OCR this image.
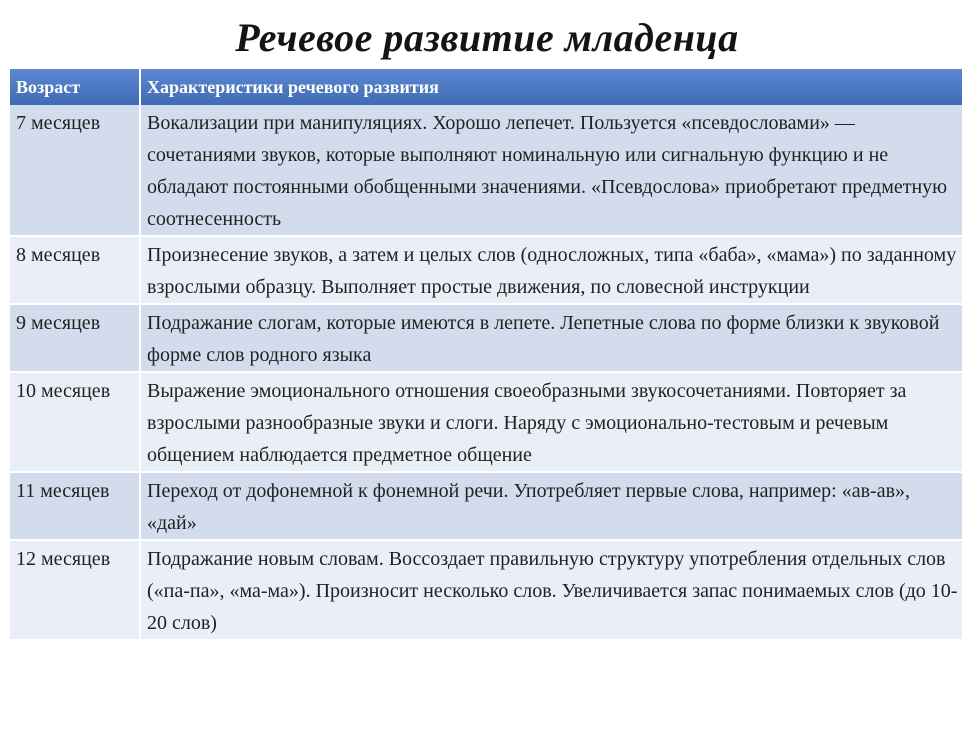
Речевое развитие младенца
Возраст	Характеристики речевого развития
7 месяцев	Вокализации при манипуляциях. Хорошо лепечет. Пользуется «псевдословами» — сочетаниями звуков, которые выполняют номинальную или сигнальную функцию и не обладают постоянными обобщенными значениями. «Псевдослова» приобретают предметную соотнесенность
8 месяцев	Произнесение звуков, а затем и целых слов (односложных, типа «баба», «мама») по заданному взрослыми образцу. Выполняет простые движения, по словесной инструкции
9 месяцев	Подражание слогам, которые имеются в лепете. Лепетные слова по форме близки к звуковой форме слов родного языка
10 месяцев	Выражение эмоционального отношения своеобразными звукосочетаниями. Повторяет за взрослыми разнообразные звуки и слоги. Наряду с эмоционально-тестовым и речевым общением наблюдается предметное общение
11 месяцев	Переход от дофонемной к фонемной речи. Употребляет первые слова, например: «ав-ав», «дай»
12 месяцев	Подражание новым словам. Воссоздает правильную структуру употребления отдельных слов («па-па», «ма-ма»). Произносит несколько слов. Увеличивается запас понимаемых слов (до 10-20 слов)
